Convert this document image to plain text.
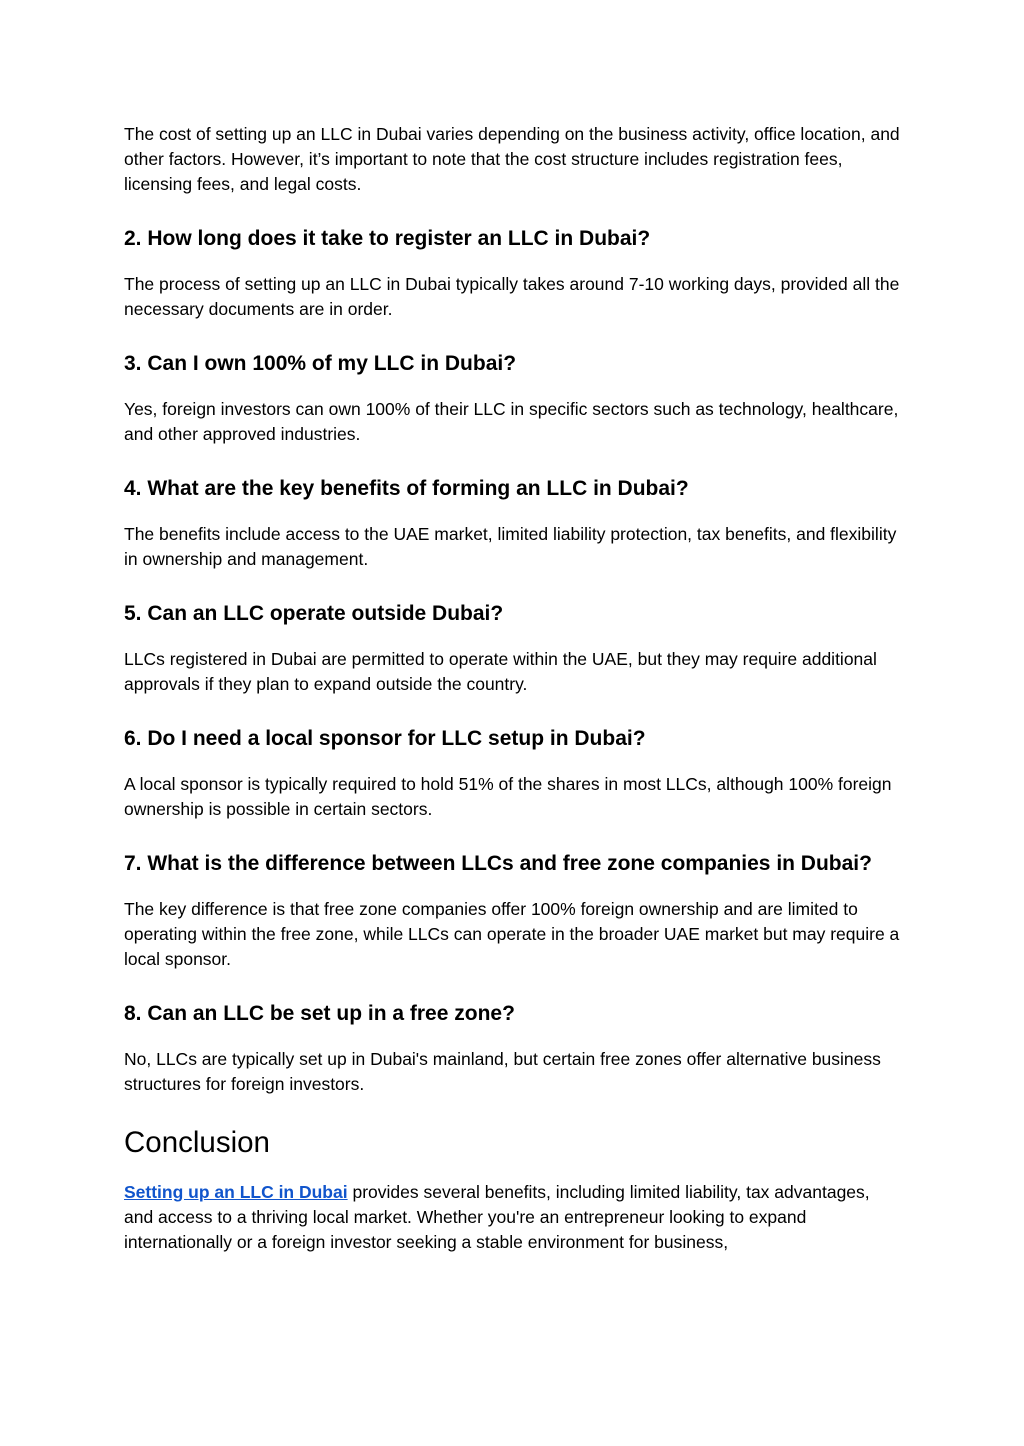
The cost of setting up an LLC in Dubai varies depending on the business activity, office location, and other factors. However, it’s important to note that the cost structure includes registration fees, licensing fees, and legal costs.

2. How long does it take to register an LLC in Dubai?

The process of setting up an LLC in Dubai typically takes around 7-10 working days, provided all the necessary documents are in order.

3. Can I own 100% of my LLC in Dubai?

Yes, foreign investors can own 100% of their LLC in specific sectors such as technology, healthcare, and other approved industries.

4. What are the key benefits of forming an LLC in Dubai?

The benefits include access to the UAE market, limited liability protection, tax benefits, and flexibility in ownership and management.

5. Can an LLC operate outside Dubai?

LLCs registered in Dubai are permitted to operate within the UAE, but they may require additional approvals if they plan to expand outside the country.

6. Do I need a local sponsor for LLC setup in Dubai?

A local sponsor is typically required to hold 51% of the shares in most LLCs, although 100% foreign ownership is possible in certain sectors.

7. What is the difference between LLCs and free zone companies in Dubai?

The key difference is that free zone companies offer 100% foreign ownership and are limited to operating within the free zone, while LLCs can operate in the broader UAE market but may require a local sponsor.

8. Can an LLC be set up in a free zone?

No, LLCs are typically set up in Dubai's mainland, but certain free zones offer alternative business structures for foreign investors.

Conclusion

Setting up an LLC in Dubai provides several benefits, including limited liability, tax advantages, and access to a thriving local market. Whether you're an entrepreneur looking to expand internationally or a foreign investor seeking a stable environment for business,
